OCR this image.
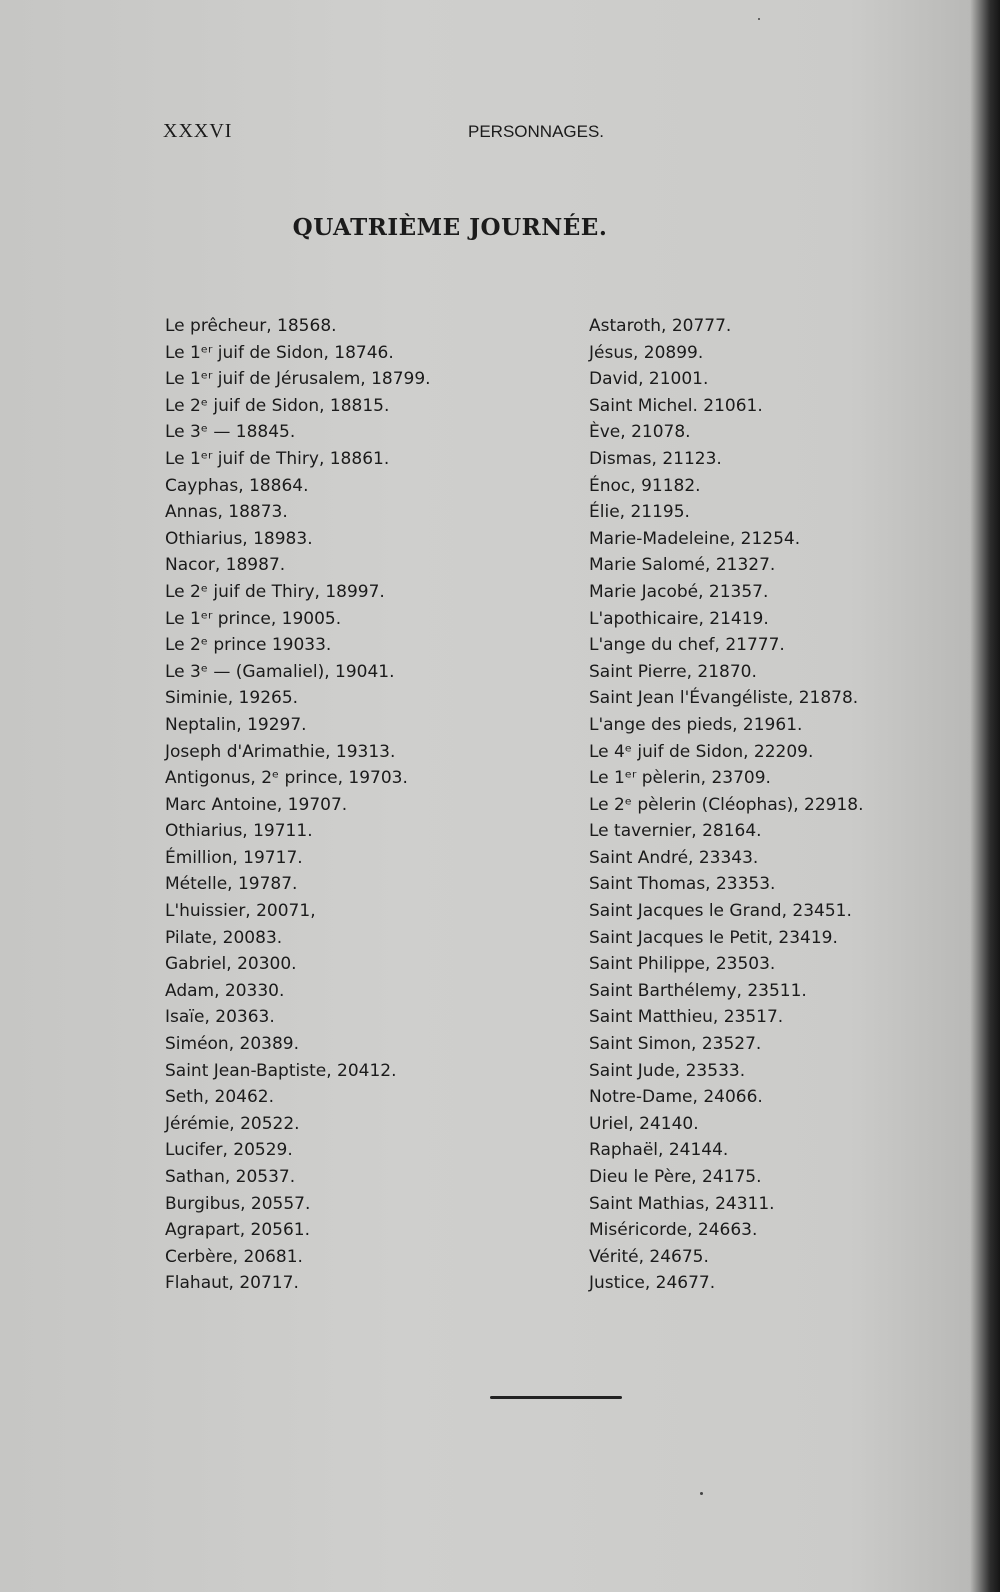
XXXVI	PERSONNAGES.
QUATRIÈME JOURNÉE.
Le prêcheur, 18568.
Le 1ᵉʳ juif de Sidon, 18746.
Le 1ᵉʳ juif de Jérusalem, 18799.
Le 2ᵉ juif de Sidon, 18815.
Le 3ᵉ — 18845.
Le 1ᵉʳ juif de Thiry, 18861.
Cayphas, 18864.
Annas, 18873.
Othiarius, 18983.
Nacor, 18987.
Le 2ᵉ juif de Thiry, 18997.
Le 1ᵉʳ prince, 19005.
Le 2ᵉ prince 19033.
Le 3ᵉ — (Gamaliel), 19041.
Siminie, 19265.
Neptalin, 19297.
Joseph d'Arimathie, 19313.
Antigonus, 2ᵉ prince, 19703.
Marc Antoine, 19707.
Othiarius, 19711.
Émillion, 19717.
Mételle, 19787.
L'huissier, 20071,
Pilate, 20083.
Gabriel, 20300.
Adam, 20330.
Isaïe, 20363.
Siméon, 20389.
Saint Jean-Baptiste, 20412.
Seth, 20462.
Jérémie, 20522.
Lucifer, 20529.
Sathan, 20537.
Burgibus, 20557.
Agrapart, 20561.
Cerbère, 20681.
Flahaut, 20717.
Astaroth, 20777.
Jésus, 20899.
David, 21001.
Saint Michel. 21061.
Ève, 21078.
Dismas, 21123.
Énoc, 91182.
Élie, 21195.
Marie-Madeleine, 21254.
Marie Salomé, 21327.
Marie Jacobé, 21357.
L'apothicaire, 21419.
L'ange du chef, 21777.
Saint Pierre, 21870.
Saint Jean l'Évangéliste, 21878.
L'ange des pieds, 21961.
Le 4ᵉ juif de Sidon, 22209.
Le 1ᵉʳ pèlerin, 23709.
Le 2ᵉ pèlerin (Cléophas), 22918.
Le tavernier, 28164.
Saint André, 23343.
Saint Thomas, 23353.
Saint Jacques le Grand, 23451.
Saint Jacques le Petit, 23419.
Saint Philippe, 23503.
Saint Barthélemy, 23511.
Saint Matthieu, 23517.
Saint Simon, 23527.
Saint Jude, 23533.
Notre-Dame, 24066.
Uriel, 24140.
Raphaël, 24144.
Dieu le Père, 24175.
Saint Mathias, 24311.
Miséricorde, 24663.
Vérité, 24675.
Justice, 24677.
